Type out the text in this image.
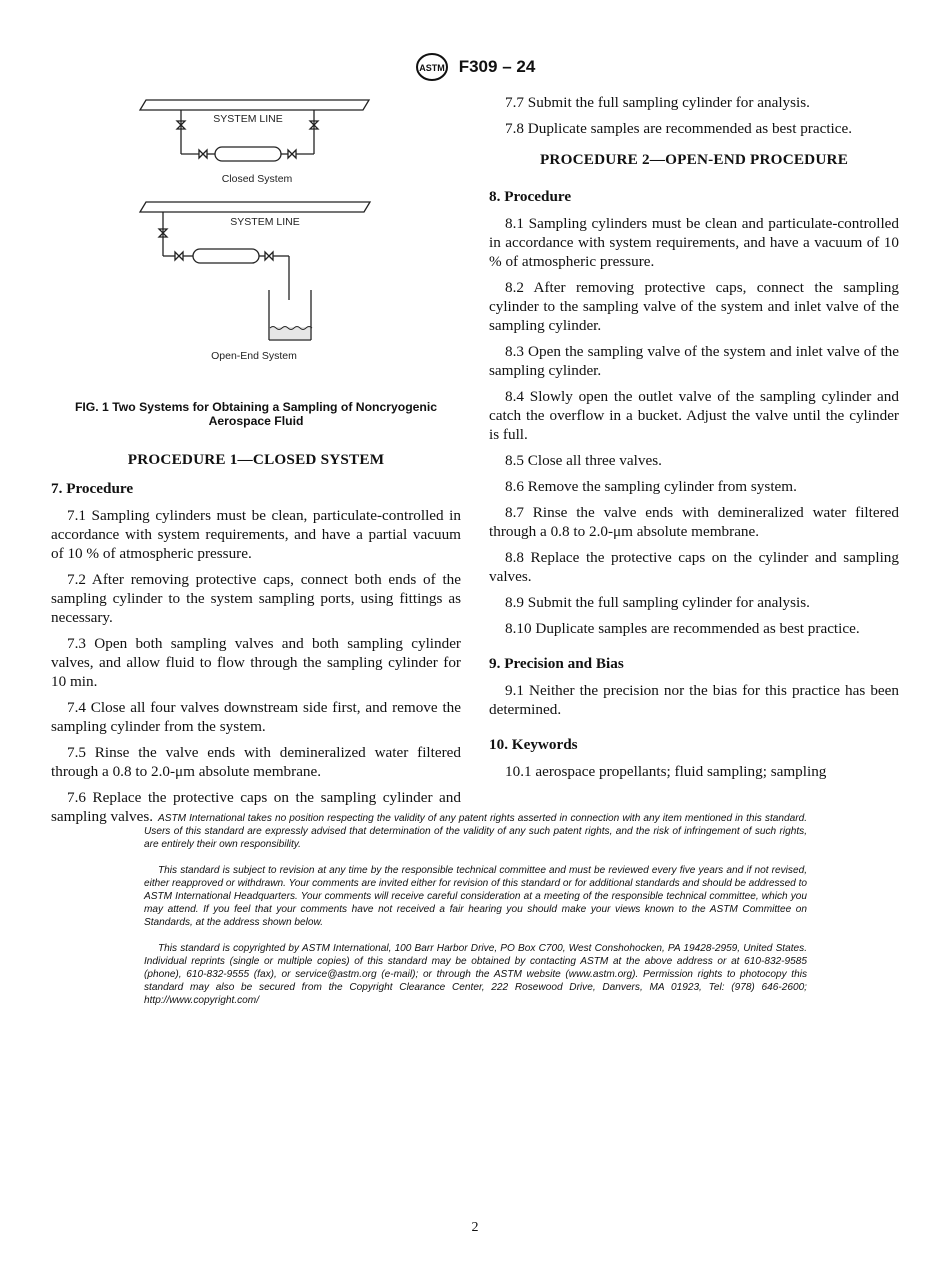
ASTM F309 – 24
SYSTEM LINE
Closed System
SYSTEM LINE
Open-End System
FIG. 1 Two Systems for Obtaining a Sampling of Noncryogenic Aerospace Fluid
PROCEDURE 1—CLOSED SYSTEM
7. Procedure

7.1 Sampling cylinders must be clean, particulate-controlled in accordance with system requirements, and have a partial vacuum of 10 % of atmospheric pressure.

7.2 After removing protective caps, connect both ends of the sampling cylinder to the system sampling ports, using fittings as necessary.

7.3 Open both sampling valves and both sampling cylinder valves, and allow fluid to flow through the sampling cylinder for 10 min.

7.4 Close all four valves downstream side first, and remove the sampling cylinder from the system.

7.5 Rinse the valve ends with demineralized water filtered through a 0.8 to 2.0-μm absolute membrane.

7.6 Replace the protective caps on the sampling cylinder and sampling valves.

7.7 Submit the full sampling cylinder for analysis.

7.8 Duplicate samples are recommended as best practice.

PROCEDURE 2—OPEN-END PROCEDURE
8. Procedure

8.1 Sampling cylinders must be clean and particulate-controlled in accordance with system requirements, and have a vacuum of 10 % of atmospheric pressure.

8.2 After removing protective caps, connect the sampling cylinder to the sampling valve of the system and inlet valve of the sampling cylinder.

8.3 Open the sampling valve of the system and inlet valve of the sampling cylinder.

8.4 Slowly open the outlet valve of the sampling cylinder and catch the overflow in a bucket. Adjust the valve until the cylinder is full.

8.5 Close all three valves.

8.6 Remove the sampling cylinder from system.

8.7 Rinse the valve ends with demineralized water filtered through a 0.8 to 2.0-μm absolute membrane.

8.8 Replace the protective caps on the cylinder and sampling valves.

8.9 Submit the full sampling cylinder for analysis.

8.10 Duplicate samples are recommended as best practice.

9. Precision and Bias

9.1 Neither the precision nor the bias for this practice has been determined.

10. Keywords

10.1 aerospace propellants; fluid sampling; sampling

ASTM International takes no position respecting the validity of any patent rights asserted in connection with any item mentioned in this standard. Users of this standard are expressly advised that determination of the validity of any such patent rights, and the risk of infringement of such rights, are entirely their own responsibility.

This standard is subject to revision at any time by the responsible technical committee and must be reviewed every five years and if not revised, either reapproved or withdrawn. Your comments are invited either for revision of this standard or for additional standards and should be addressed to ASTM International Headquarters. Your comments will receive careful consideration at a meeting of the responsible technical committee, which you may attend. If you feel that your comments have not received a fair hearing you should make your views known to the ASTM Committee on Standards, at the address shown below.

This standard is copyrighted by ASTM International, 100 Barr Harbor Drive, PO Box C700, West Conshohocken, PA 19428-2959, United States. Individual reprints (single or multiple copies) of this standard may be obtained by contacting ASTM at the above address or at 610-832-9585 (phone), 610-832-9555 (fax), or service@astm.org (e-mail); or through the ASTM website (www.astm.org). Permission rights to photocopy this standard may also be secured from the Copyright Clearance Center, 222 Rosewood Drive, Danvers, MA 01923, Tel: (978) 646-2600; http://www.copyright.com/

2
